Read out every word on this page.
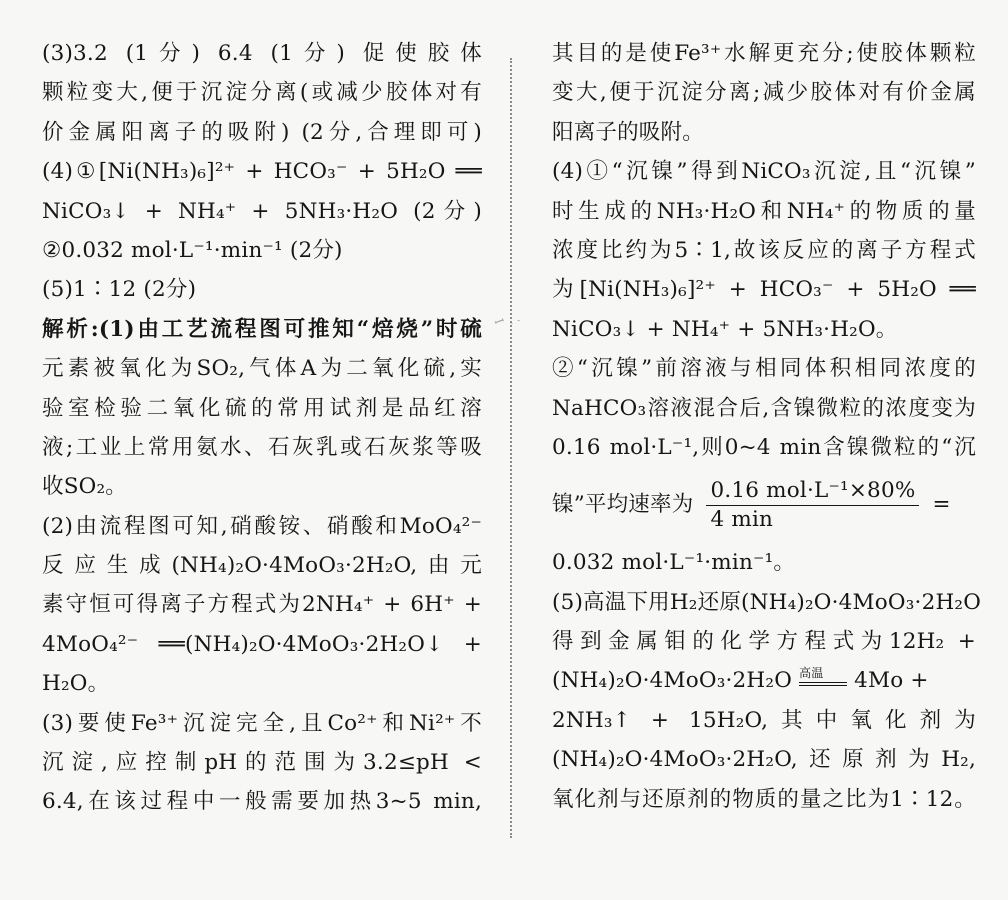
ꟷ ˎ ˏ
(3)3.2 (1分) 6.4 (1分) 促使胶体
颗粒变大,便于沉淀分离(或减少胶体对有
价金属阳离子的吸附) (2分,合理即可)
(4)①[Ni(NH₃)₆]²⁺ + HCO₃⁻ + 5H₂O ══
NiCO₃↓ + NH₄⁺ + 5NH₃·H₂O (2分)
②0.032 mol·L⁻¹·min⁻¹ (2分)
(5)1∶12 (2分)
解析:(1)由工艺流程图可推知“焙烧”时硫
元素被氧化为SO₂,气体A为二氧化硫,实
验室检验二氧化硫的常用试剂是品红溶
液;工业上常用氨水、石灰乳或石灰浆等吸
收SO₂。
(2)由流程图可知,硝酸铵、硝酸和MoO₄²⁻
反应生成(NH₄)₂O·4MoO₃·2H₂O,由元
素守恒可得离子方程式为2NH₄⁺ + 6H⁺ +
4MoO₄²⁻ ══(NH₄)₂O·4MoO₃·2H₂O↓ +
H₂O。
(3)要使Fe³⁺沉淀完全,且Co²⁺和Ni²⁺不
沉淀,应控制pH的范围为3.2≤pH <
6.4,在该过程中一般需要加热3~5 min,
其目的是使Fe³⁺水解更充分;使胶体颗粒
变大,便于沉淀分离;减少胶体对有价金属
阳离子的吸附。
(4)①“沉镍”得到NiCO₃沉淀,且“沉镍”
时生成的NH₃·H₂O和NH₄⁺的物质的量
浓度比约为5∶1,故该反应的离子方程式
为[Ni(NH₃)₆]²⁺ + HCO₃⁻ + 5H₂O ══
NiCO₃↓ + NH₄⁺ + 5NH₃·H₂O。
②“沉镍”前溶液与相同体积相同浓度的
NaHCO₃溶液混合后,含镍微粒的浓度变为
0.16 mol·L⁻¹,则0~4 min含镍微粒的“沉
镍”平均速率为 $\frac{\text{0.16 mol·L⁻¹×80\%}}{4 \min}$ =
0.032 mol·L⁻¹·min⁻¹。
(5)高温下用H₂还原(NH₄)₂O·4MoO₃·2H₂O
得到金属钼的化学方程式为12H₂ +
(NH₄)₂O·4MoO₃·2H₂O 高温	4Mo +
2NH₃↑ + 15H₂O,其中氧化剂为
(NH₄)₂O·4MoO₃·2H₂O,还原剂为H₂,
氧化剂与还原剂的物质的量之比为1∶12。
